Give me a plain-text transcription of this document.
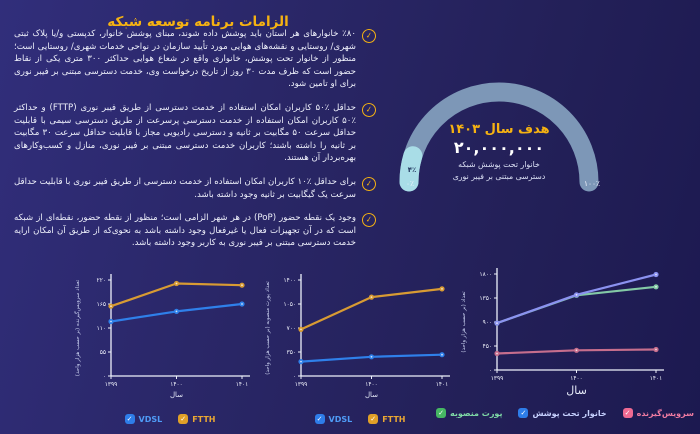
الزامات برنامه توسعه شبکه
✓

٪۸۰ خانوارهای هر استان باید پوشش داده شوند، مبنای پوشش خانوار، کدپستی و/یا پلاک ثبتی شهری/ روستایی و نقشه‌های هوایی مورد تأیید سازمان در نواحی خدمات شهری/ روستایی است؛ منظور از خانوار تحت پوشش، خانواری واقع در شعاع هوایی حداکثر ۳۰۰ متری یکی از نقاط حضور است که ظرف مدت ۳۰ روز از تاریخ درخواست وی، خدمت دسترسی مبتنی بر فیبر نوری برای او تامین شود.

✓

حداقل ٪۵۰ کاربران امکان استفاده از خدمت دسترسی از طریق فیبر نوری (FTTP) و حداکثر ٪۵۰ کاربران امکان استفاده از خدمت دسترسی پرسرعت از طریق دسترسی سیمی با قابلیت حداقل سرعت ۵۰ مگابیت بر ثانیه و دسترسی رادیویی مجاز با قابلیت حداقل سرعت ۳۰ مگابیت بر ثانیه را داشته باشند؛ کاربران خدمت دسترسی مبتنی بر فیبر نوری، منازل و کسب‌وکارهای بهره‌بردار آن هستند.

✓

برای حداقل ٪۱۰ کاربران امکان استفاده از خدمت دسترسی از طریق فیبر نوری با قابلیت حداقل سرعت یک گیگابیت بر ثانیه وجود داشته باشد.

✓

وجود یک نقطه حضور (PoP) در هر شهر الزامی است؛ منظور از نقطه حضور، نقطه‌ای از شبکه است که در آن تجهیزات فعال یا غیرفعال وجود داشته باشد به نحوی‌که از طریق آن امکان ارایه خدمت دسترسی مبتنی بر فیبر نوری به کاربر وجود داشته باشد.

۴٪
هدف سال ۱۴۰۳
۲۰,۰۰۰,۰۰۰
خانوار تحت پوشش شبکه
دسترسی مبتنی بر فیبر نوری
۰٪	۱۰۰٪
تعداد سرویس‌گیرنده (بر حسب هزار واحد)
۰
۵۵
۱۱۰
۱۶۵
۲۲۰
۱۳۹۹	۱۴۰۰	۱۴۰۱
سال
✓ VDSL	✓ FTTH
تعداد پورت منصوبه (بر حسب هزار واحد)
۰
۳۵۰
۷۰۰
۱۰۵۰
۱۴۰۰
۱۳۹۹	۱۴۰۰	۱۴۰۱
سال
✓ VDSL	✓ FTTH
تعداد (بر حسب هزار واحد)
۰
۴۵۰
۹۰۰
۱۳۵۰
۱۸۰۰
۱۳۹۹	۱۴۰۰	۱۴۰۱
سال
✓ پورت منصوبه	✓ خانوار تحت پوشش	✓ سرویس‌گیرنده
